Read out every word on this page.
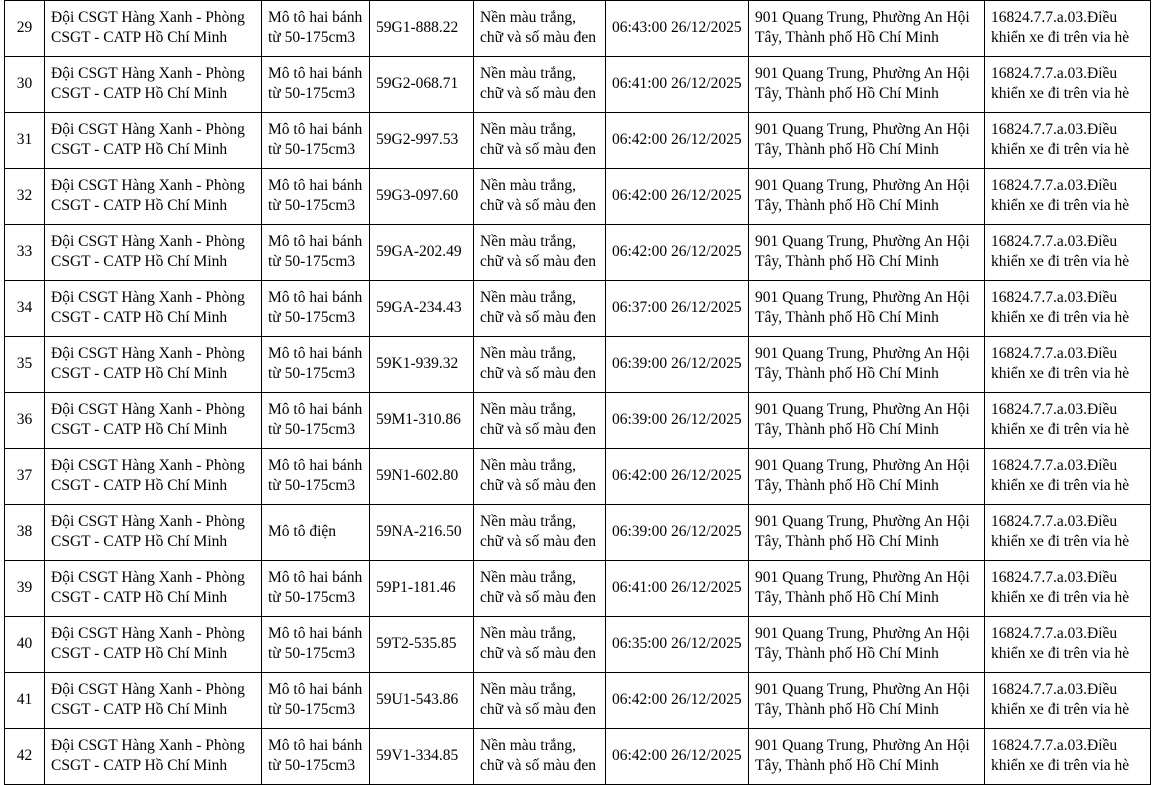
29	Đội CSGT Hàng Xanh - Phòng CSGT - CATP Hồ Chí Minh	Mô tô hai bánh từ 50-175cm3	59G1-888.22	Nền màu trắng, chữ và số màu đen	06:43:00 26/12/2025	901 Quang Trung, Phường An Hội Tây, Thành phố Hồ Chí Minh	16824.7.7.a.03.Điều khiển xe đi trên via hè
30	Đội CSGT Hàng Xanh - Phòng CSGT - CATP Hồ Chí Minh	Mô tô hai bánh từ 50-175cm3	59G2-068.71	Nền màu trắng, chữ và số màu đen	06:41:00 26/12/2025	901 Quang Trung, Phường An Hội Tây, Thành phố Hồ Chí Minh	16824.7.7.a.03.Điều khiển xe đi trên via hè
31	Đội CSGT Hàng Xanh - Phòng CSGT - CATP Hồ Chí Minh	Mô tô hai bánh từ 50-175cm3	59G2-997.53	Nền màu trắng, chữ và số màu đen	06:42:00 26/12/2025	901 Quang Trung, Phường An Hội Tây, Thành phố Hồ Chí Minh	16824.7.7.a.03.Điều khiển xe đi trên via hè
32	Đội CSGT Hàng Xanh - Phòng CSGT - CATP Hồ Chí Minh	Mô tô hai bánh từ 50-175cm3	59G3-097.60	Nền màu trắng, chữ và số màu đen	06:42:00 26/12/2025	901 Quang Trung, Phường An Hội Tây, Thành phố Hồ Chí Minh	16824.7.7.a.03.Điều khiển xe đi trên via hè
33	Đội CSGT Hàng Xanh - Phòng CSGT - CATP Hồ Chí Minh	Mô tô hai bánh từ 50-175cm3	59GA-202.49	Nền màu trắng, chữ và số màu đen	06:42:00 26/12/2025	901 Quang Trung, Phường An Hội Tây, Thành phố Hồ Chí Minh	16824.7.7.a.03.Điều khiển xe đi trên via hè
34	Đội CSGT Hàng Xanh - Phòng CSGT - CATP Hồ Chí Minh	Mô tô hai bánh từ 50-175cm3	59GA-234.43	Nền màu trắng, chữ và số màu đen	06:37:00 26/12/2025	901 Quang Trung, Phường An Hội Tây, Thành phố Hồ Chí Minh	16824.7.7.a.03.Điều khiển xe đi trên via hè
35	Đội CSGT Hàng Xanh - Phòng CSGT - CATP Hồ Chí Minh	Mô tô hai bánh từ 50-175cm3	59K1-939.32	Nền màu trắng, chữ và số màu đen	06:39:00 26/12/2025	901 Quang Trung, Phường An Hội Tây, Thành phố Hồ Chí Minh	16824.7.7.a.03.Điều khiển xe đi trên via hè
36	Đội CSGT Hàng Xanh - Phòng CSGT - CATP Hồ Chí Minh	Mô tô hai bánh từ 50-175cm3	59M1-310.86	Nền màu trắng, chữ và số màu đen	06:39:00 26/12/2025	901 Quang Trung, Phường An Hội Tây, Thành phố Hồ Chí Minh	16824.7.7.a.03.Điều khiển xe đi trên via hè
37	Đội CSGT Hàng Xanh - Phòng CSGT - CATP Hồ Chí Minh	Mô tô hai bánh từ 50-175cm3	59N1-602.80	Nền màu trắng, chữ và số màu đen	06:42:00 26/12/2025	901 Quang Trung, Phường An Hội Tây, Thành phố Hồ Chí Minh	16824.7.7.a.03.Điều khiển xe đi trên via hè
38	Đội CSGT Hàng Xanh - Phòng CSGT - CATP Hồ Chí Minh	Mô tô điện	59NA-216.50	Nền màu trắng, chữ và số màu đen	06:39:00 26/12/2025	901 Quang Trung, Phường An Hội Tây, Thành phố Hồ Chí Minh	16824.7.7.a.03.Điều khiển xe đi trên via hè
39	Đội CSGT Hàng Xanh - Phòng CSGT - CATP Hồ Chí Minh	Mô tô hai bánh từ 50-175cm3	59P1-181.46	Nền màu trắng, chữ và số màu đen	06:41:00 26/12/2025	901 Quang Trung, Phường An Hội Tây, Thành phố Hồ Chí Minh	16824.7.7.a.03.Điều khiển xe đi trên via hè
40	Đội CSGT Hàng Xanh - Phòng CSGT - CATP Hồ Chí Minh	Mô tô hai bánh từ 50-175cm3	59T2-535.85	Nền màu trắng, chữ và số màu đen	06:35:00 26/12/2025	901 Quang Trung, Phường An Hội Tây, Thành phố Hồ Chí Minh	16824.7.7.a.03.Điều khiển xe đi trên via hè
41	Đội CSGT Hàng Xanh - Phòng CSGT - CATP Hồ Chí Minh	Mô tô hai bánh từ 50-175cm3	59U1-543.86	Nền màu trắng, chữ và số màu đen	06:42:00 26/12/2025	901 Quang Trung, Phường An Hội Tây, Thành phố Hồ Chí Minh	16824.7.7.a.03.Điều khiển xe đi trên via hè
42	Đội CSGT Hàng Xanh - Phòng CSGT - CATP Hồ Chí Minh	Mô tô hai bánh từ 50-175cm3	59V1-334.85	Nền màu trắng, chữ và số màu đen	06:42:00 26/12/2025	901 Quang Trung, Phường An Hội Tây, Thành phố Hồ Chí Minh	16824.7.7.a.03.Điều khiển xe đi trên via hè
